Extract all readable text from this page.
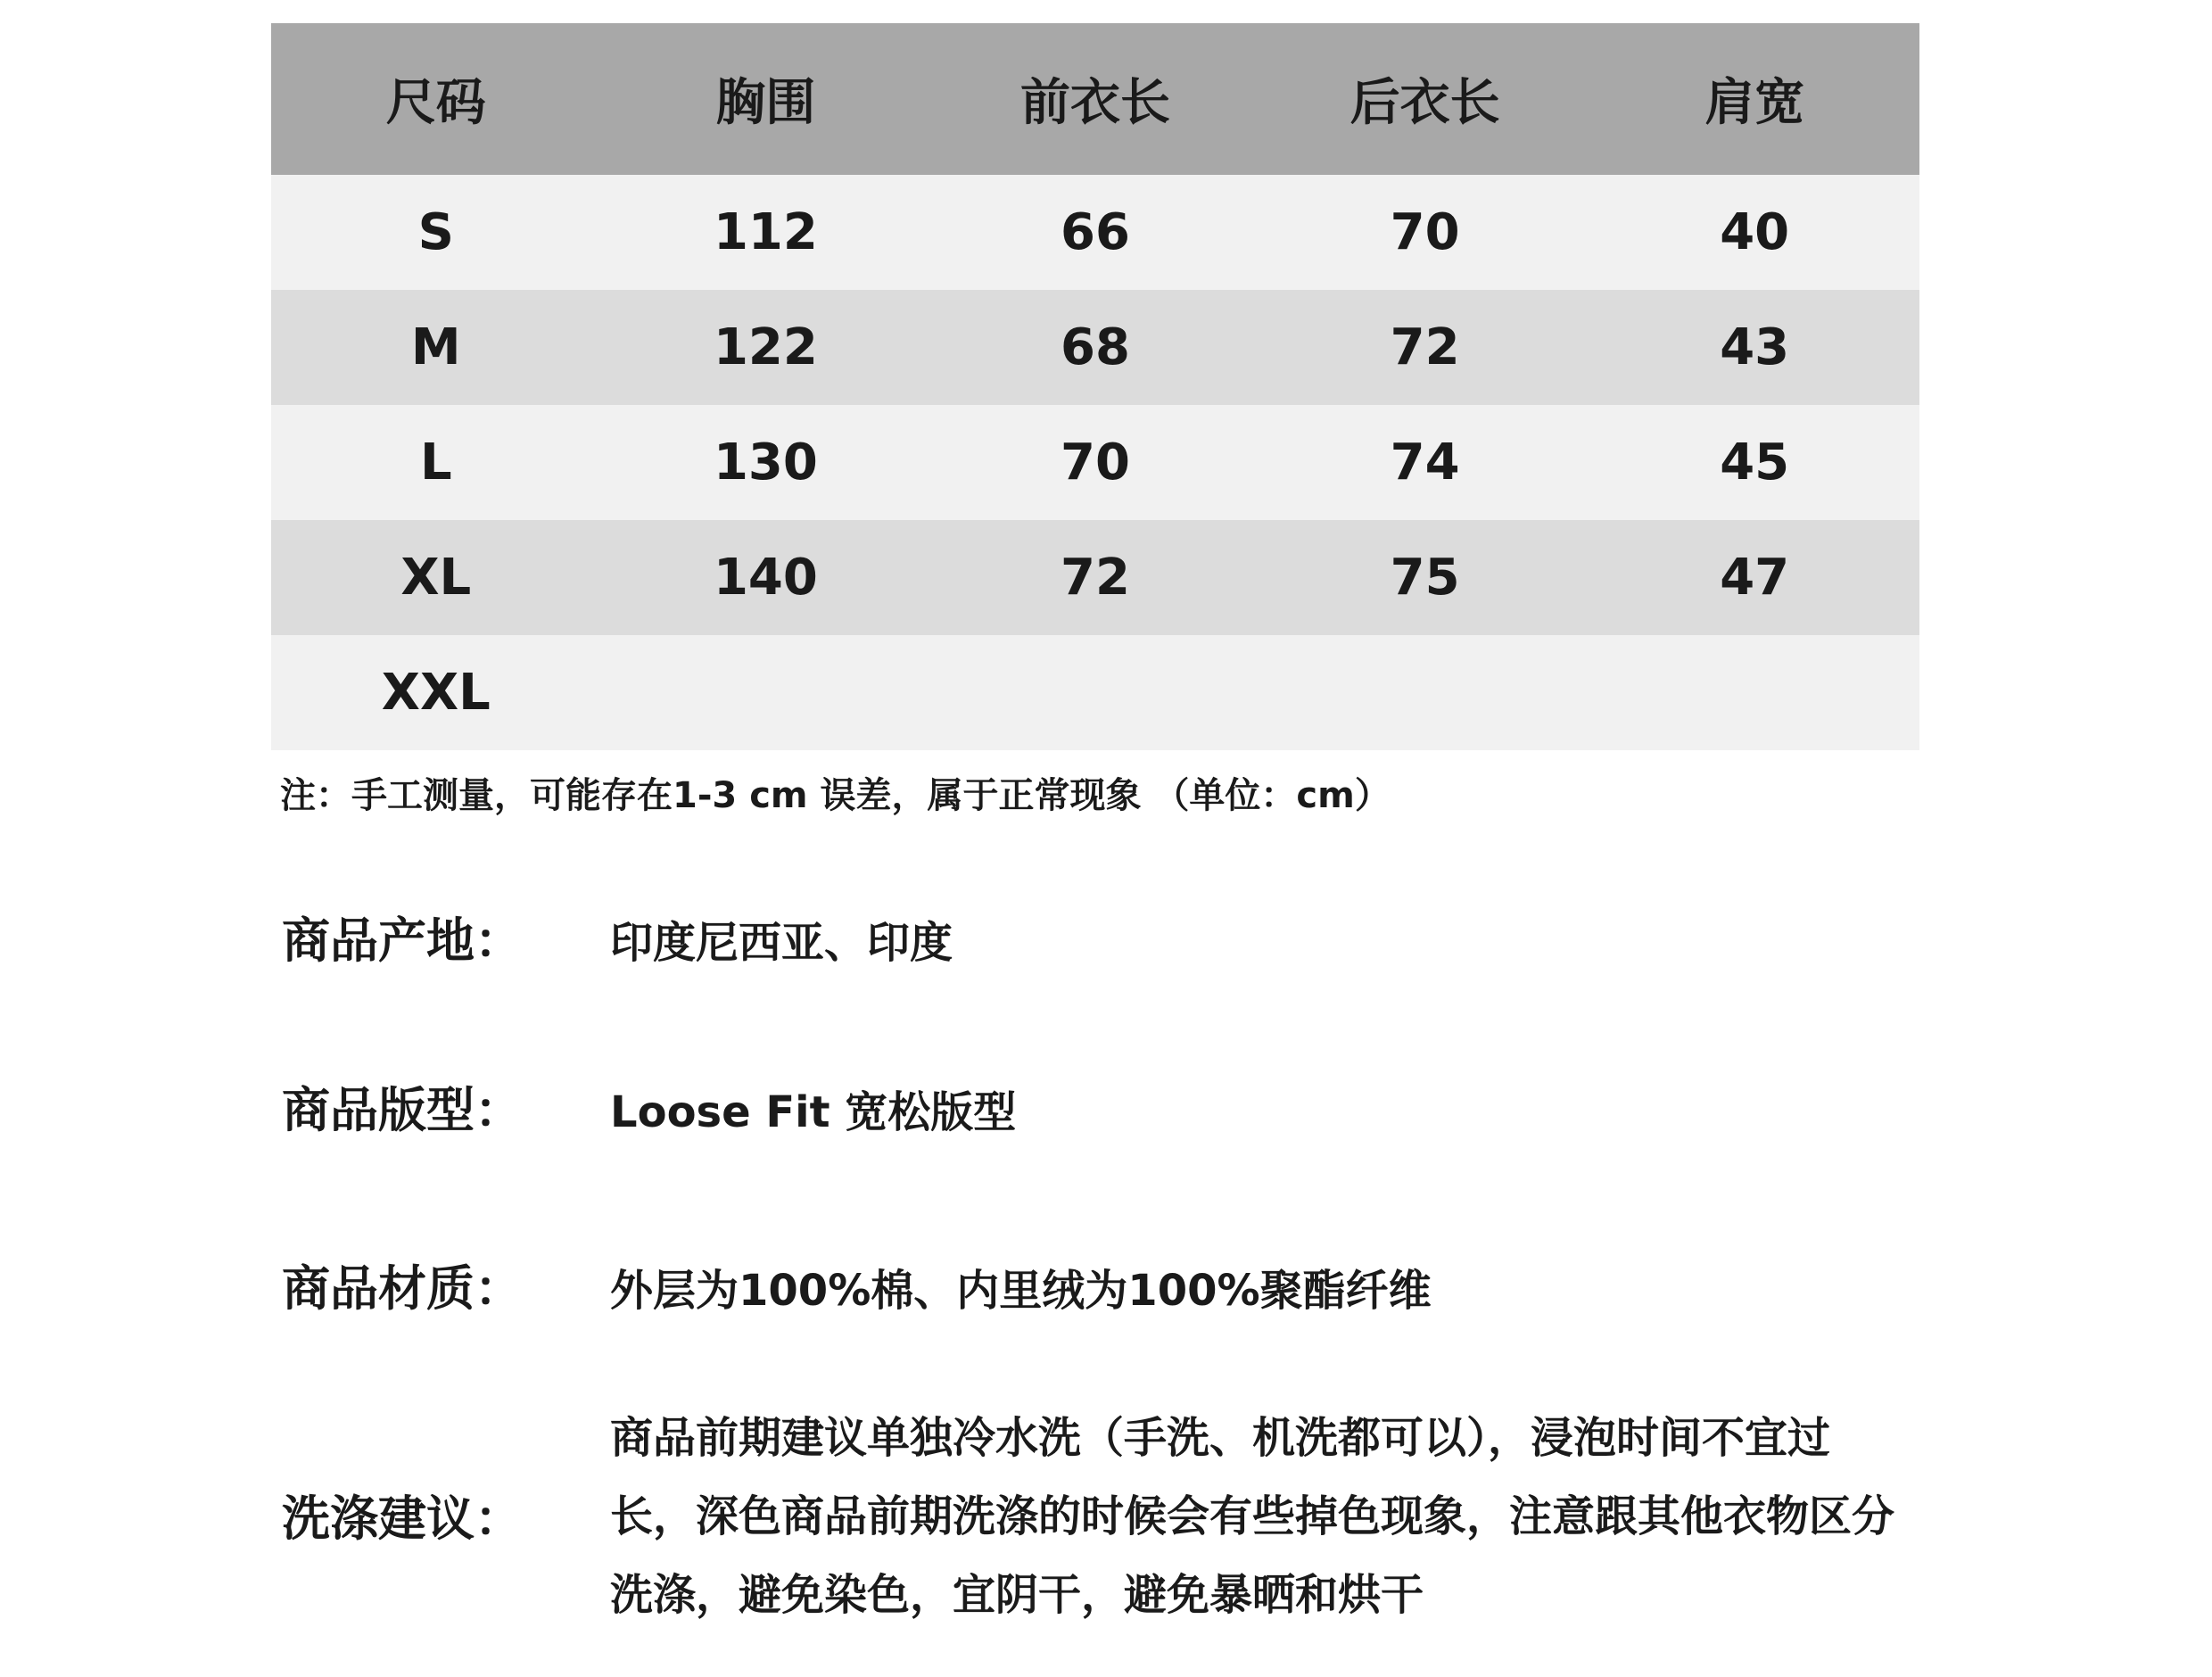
尺码	胸围	前衣长	后衣长	肩宽
S	112	66	70	40
M	122	68	72	43
L	130	70	74	45
XL	140	72	75	47
XXL				
注：手工测量，可能存在1-3 cm 误差，属于正常现象 （单位：cm）
商品产地： 印度尼西亚、印度
商品版型： Loose Fit 宽松版型
商品材质： 外层为100%棉、内里绒为100%聚酯纤维
洗涤建议：
商品前期建议单独冷水洗（手洗、机洗都可以），浸泡时间不宜过长，深色商品前期洗涤的时候会有些掉色现象，注意跟其他衣物区分洗涤，避免染色，宜阴干，避免暴晒和烘干
